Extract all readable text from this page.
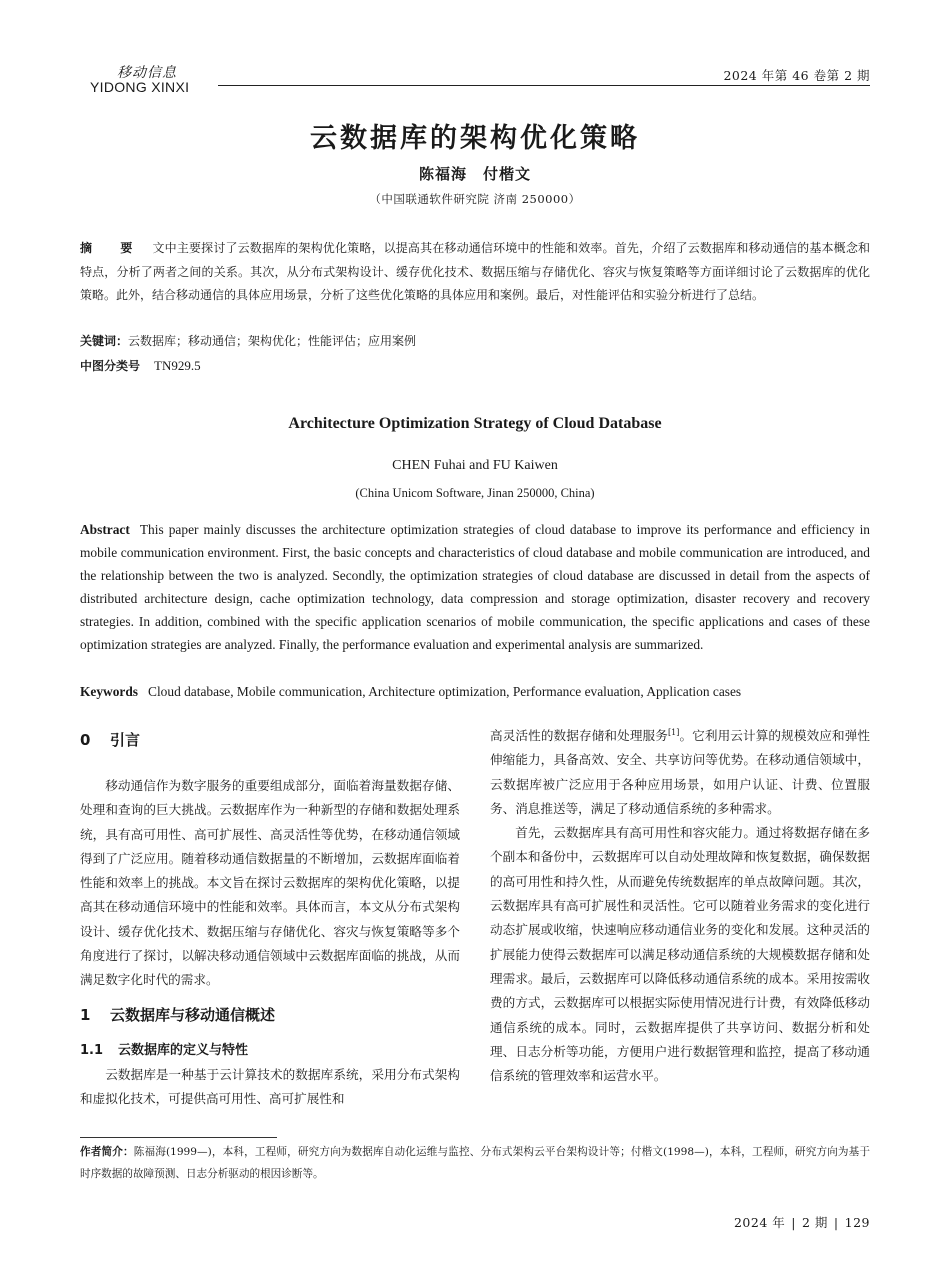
移动信息
YIDONG XINXI
2024 年第 46 卷第 2 期
云数据库的架构优化策略
陈福海　付楷文
（中国联通软件研究院 济南 250000）
摘　要 文中主要探讨了云数据库的架构优化策略，以提高其在移动通信环境中的性能和效率。首先，介绍了云数据库和移动通信的基本概念和特点，分析了两者之间的关系。其次，从分布式架构设计、缓存优化技术、数据压缩与存储优化、容灾与恢复策略等方面详细讨论了云数据库的优化策略。此外，结合移动通信的具体应用场景，分析了这些优化策略的具体应用和案例。最后，对性能评估和实验分析进行了总结。
关键词：云数据库；移动通信；架构优化；性能评估；应用案例
中图分类号 TN929.5
Architecture Optimization Strategy of Cloud Database
CHEN Fuhai and FU Kaiwen
(China Unicom Software, Jinan 250000, China)
Abstract This paper mainly discusses the architecture optimization strategies of cloud database to improve its performance and efficiency in mobile communication environment. First, the basic concepts and characteristics of cloud database and mobile communication are introduced, and the relationship between the two is analyzed. Secondly, the optimization strategies of cloud database are discussed in detail from the aspects of distributed architecture design, cache optimization technology, data compression and storage optimization, disaster recovery and recovery strategies. In addition, combined with the specific application scenarios of mobile communication, the specific applications and cases of these optimization strategies are analyzed. Finally, the performance evaluation and experimental analysis are summarized.
Keywords Cloud database, Mobile communication, Architecture optimization, Performance evaluation, Application cases
0 引言

移动通信作为数字服务的重要组成部分，面临着海量数据存储、处理和查询的巨大挑战。云数据库作为一种新型的存储和数据处理系统，具有高可用性、高可扩展性、高灵活性等优势，在移动通信领域得到了广泛应用。随着移动通信数据量的不断增加，云数据库面临着性能和效率上的挑战。本文旨在探讨云数据库的架构优化策略，以提高其在移动通信环境中的性能和效率。具体而言，本文从分布式架构设计、缓存优化技术、数据压缩与存储优化、容灾与恢复策略等多个角度进行了探讨，以解决移动通信领域中云数据库面临的挑战，从而满足数字化时代的需求。

1 云数据库与移动通信概述
1.1 云数据库的定义与特性

云数据库是一种基于云计算技术的数据库系统，采用分布式架构和虚拟化技术，可提供高可用性、高可扩展性和

高灵活性的数据存储和处理服务[1]。它利用云计算的规模效应和弹性伸缩能力，具备高效、安全、共享访问等优势。在移动通信领域中，云数据库被广泛应用于各种应用场景，如用户认证、计费、位置服务、消息推送等，满足了移动通信系统的多种需求。

首先，云数据库具有高可用性和容灾能力。通过将数据存储在多个副本和备份中，云数据库可以自动处理故障和恢复数据，确保数据的高可用性和持久性，从而避免传统数据库的单点故障问题。其次，云数据库具有高可扩展性和灵活性。它可以随着业务需求的变化进行动态扩展或收缩，快速响应移动通信业务的变化和发展。这种灵活的扩展能力使得云数据库可以满足移动通信系统的大规模数据存储和处理需求。最后，云数据库可以降低移动通信系统的成本。采用按需收费的方式，云数据库可以根据实际使用情况进行计费，有效降低移动通信系统的成本。同时，云数据库提供了共享访问、数据分析和处理、日志分析等功能，方便用户进行数据管理和监控，提高了移动通信系统的管理效率和运营水平。

作者简介：陈福海(1999—)，本科，工程师，研究方向为数据库自动化运维与监控、分布式架构云平台架构设计等；付楷文(1998—)，本科，工程师，研究方向为基于时序数据的故障预测、日志分析驱动的根因诊断等。
2024 年 | 2 期 | 129
